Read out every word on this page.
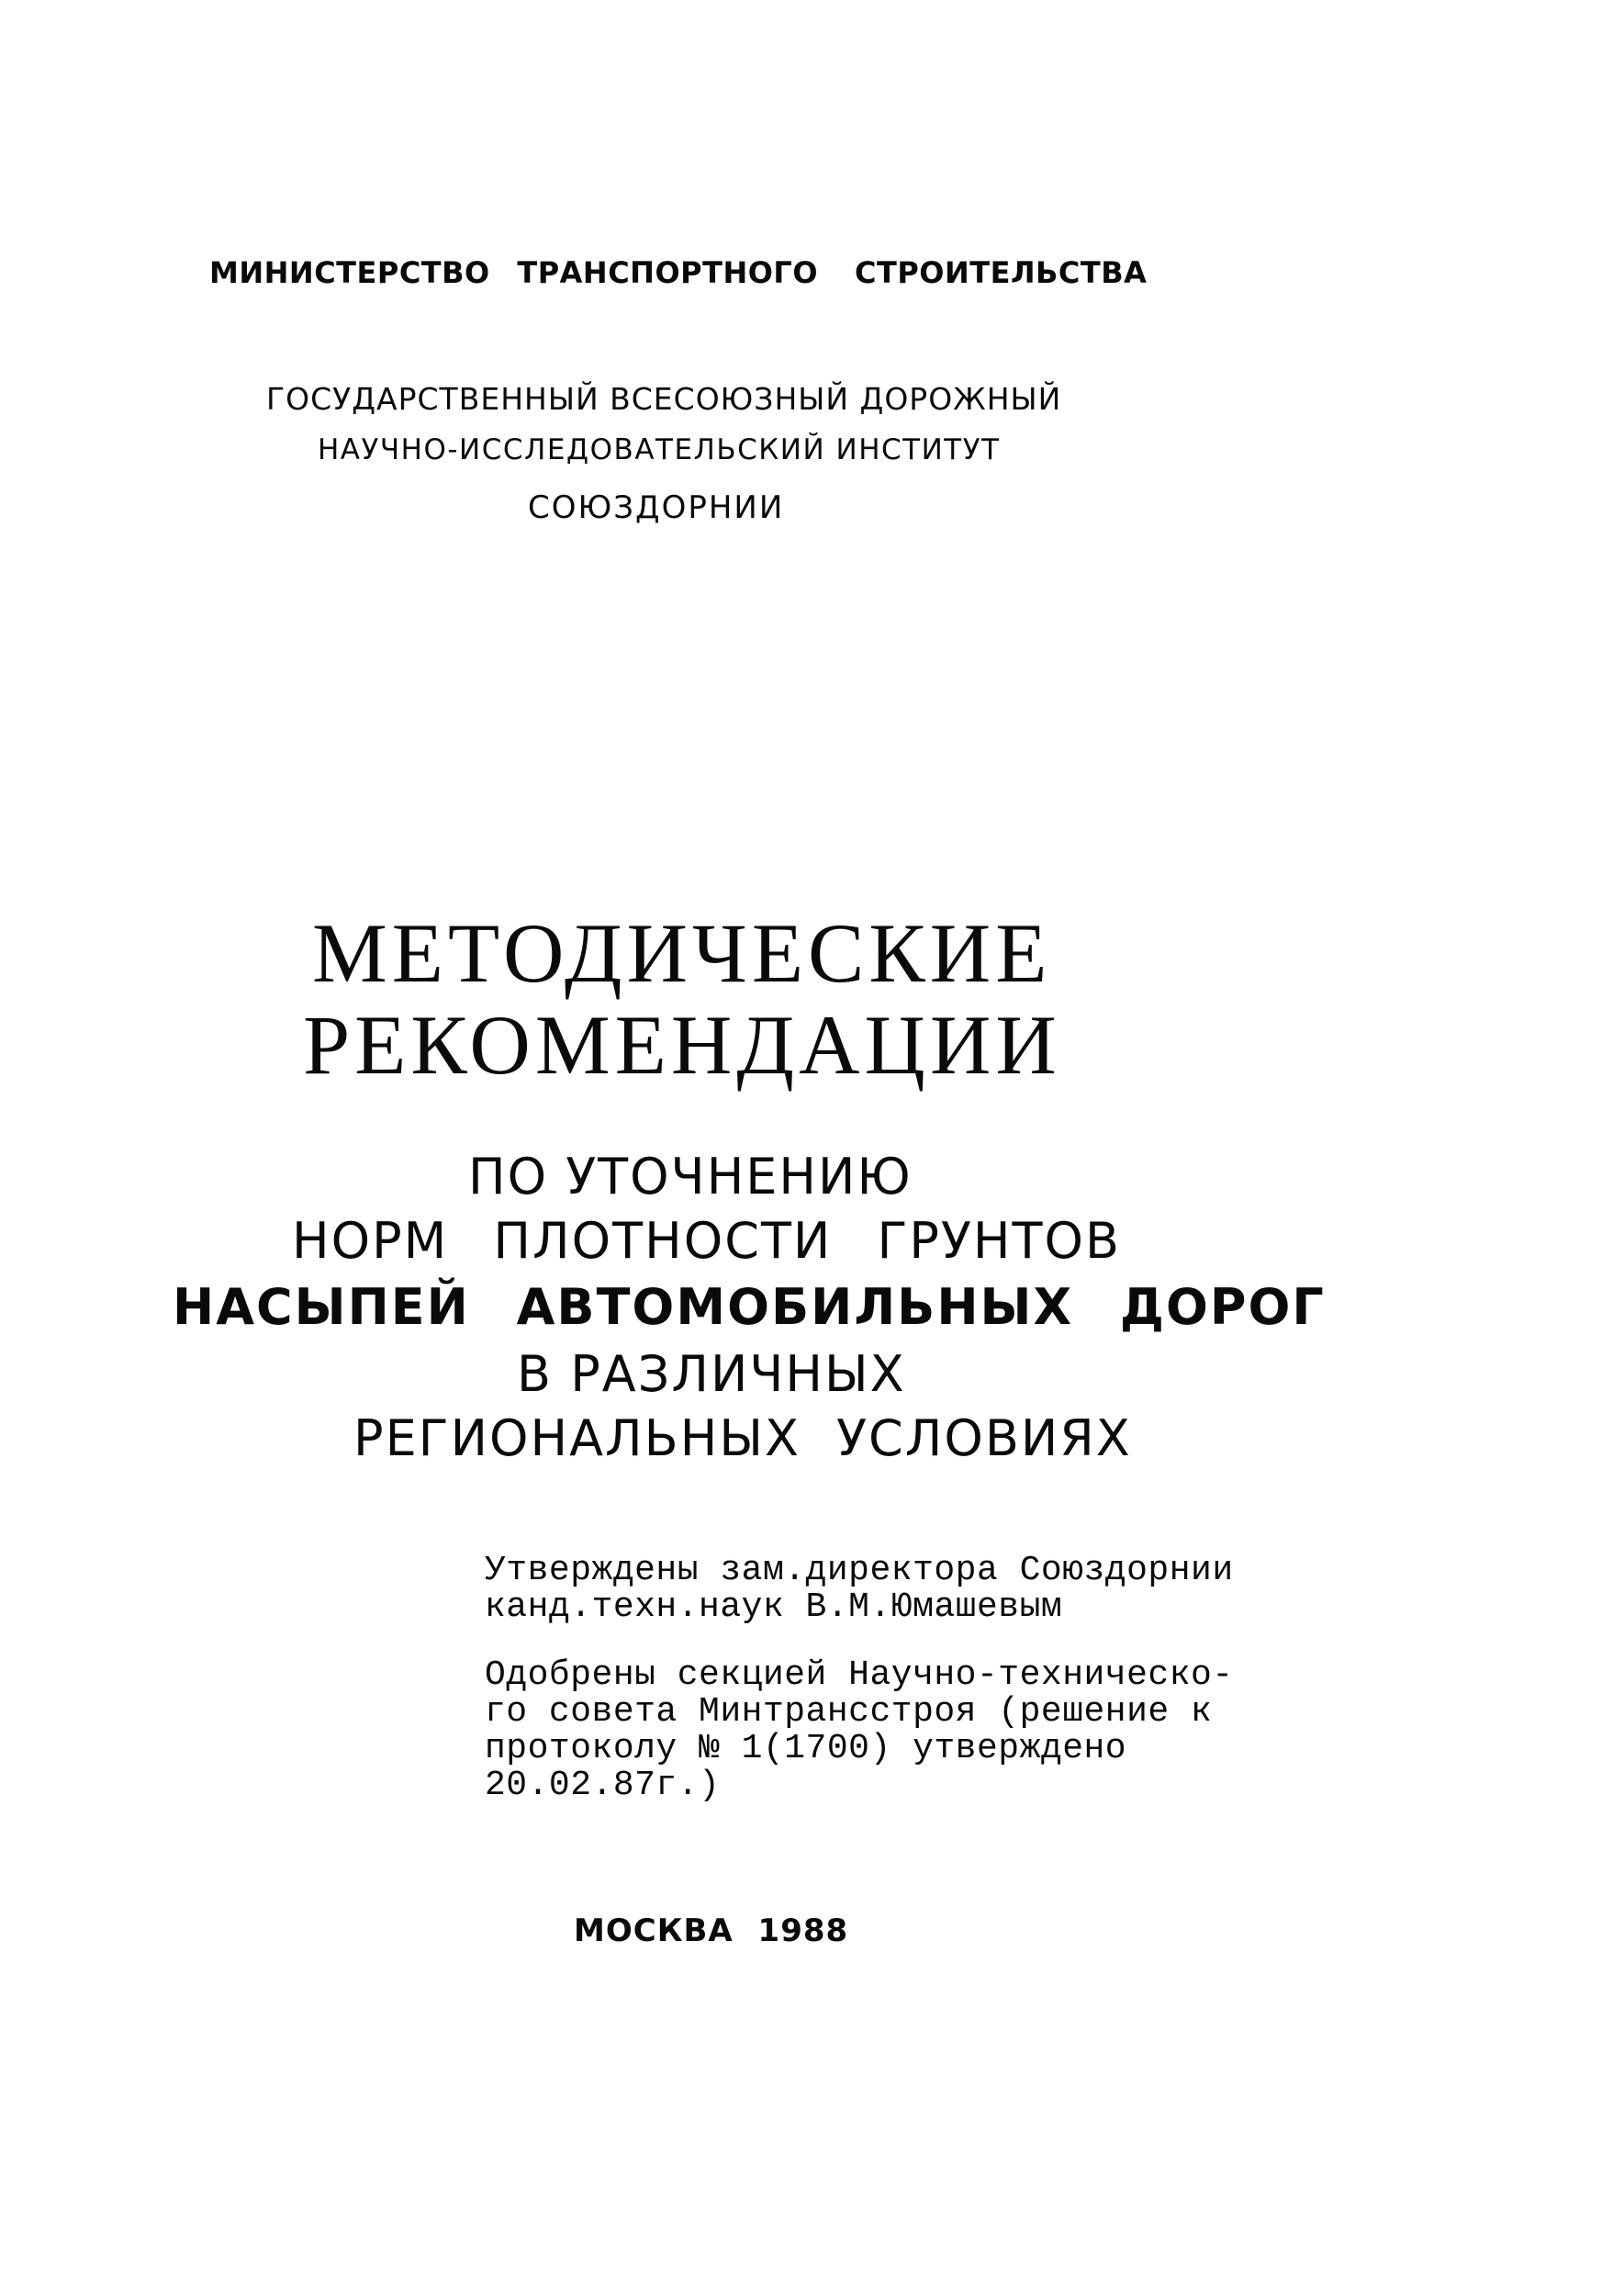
МИНИСТЕРСТВО ТРАНСПОРТНОГО СТРОИТЕЛЬСТВА
ГОСУДАРСТВЕННЫЙ ВСЕСОЮЗНЫЙ ДОРОЖНЫЙ
НАУЧНО-ИССЛЕДОВАТЕЛЬСКИЙ ИНСТИТУТ
СОЮЗДОРНИИ
МЕТОДИЧЕСКИЕ
РЕКОМЕНДАЦИИ
ПО УТОЧНЕНИЮ
НОРМ ПЛОТНОСТИ ГРУНТОВ
НАСЫПЕЙ АВТОМОБИЛЬНЫХ ДОРОГ
В РАЗЛИЧНЫХ
РЕГИОНАЛЬНЫХ УСЛОВИЯХ
Утверждены зам.директора Союздорнии
канд.техн.наук В.М.Юмашевым
Одобрены секцией Научно-техническо-
го совета Минтрансстроя (решение к
протоколу № 1(1700) утверждено
20.02.87г.)
МОСКВА 1988
